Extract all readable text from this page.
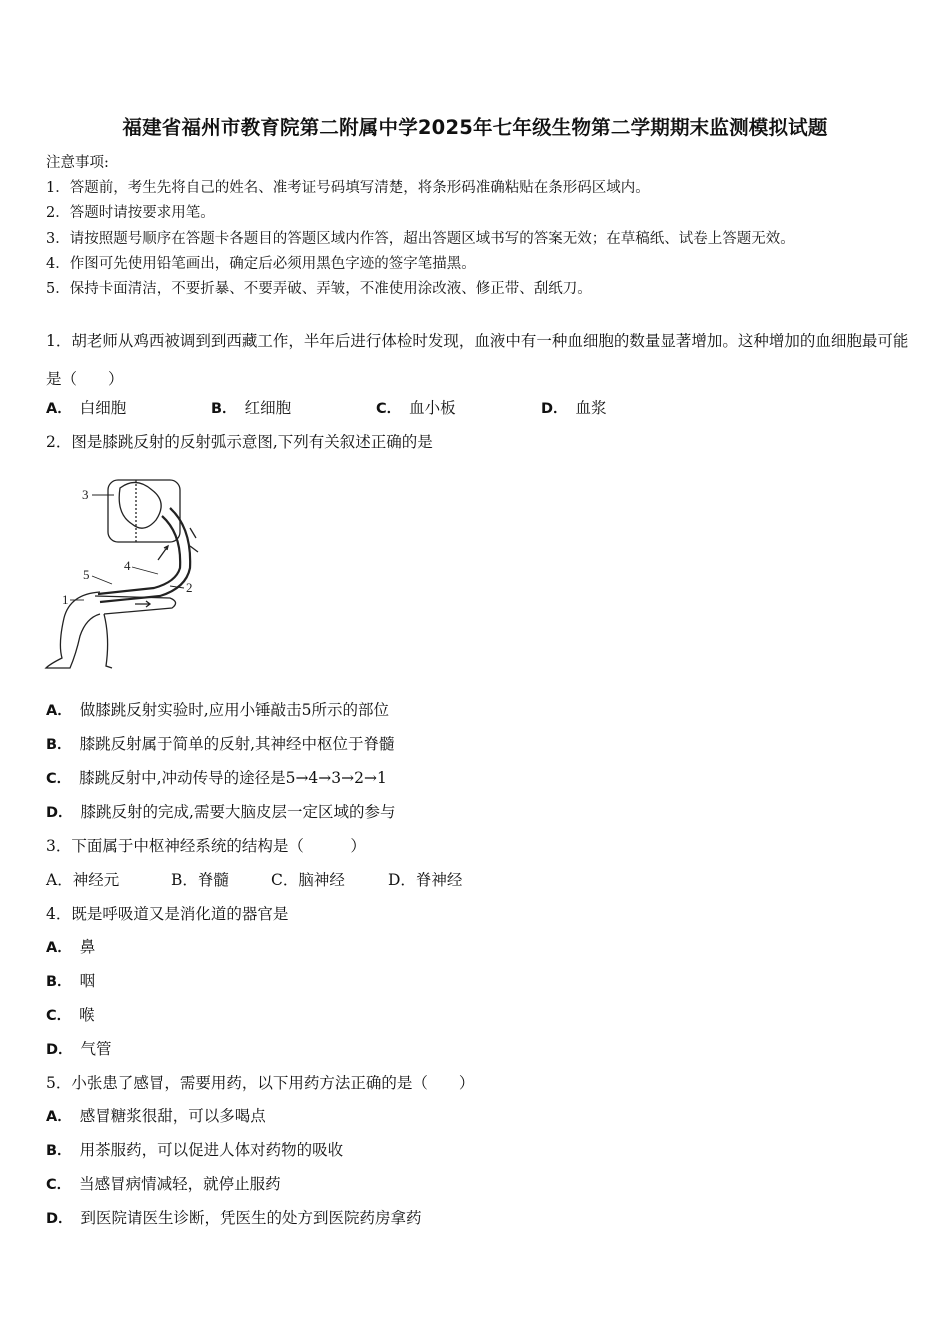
福建省福州市教育院第二附属中学2025年七年级生物第二学期期末监测模拟试题
注意事项:
1．答题前，考生先将自己的姓名、准考证号码填写清楚，将条形码准确粘贴在条形码区域内。
2．答题时请按要求用笔。
3．请按照题号顺序在答题卡各题目的答题区域内作答，超出答题区域书写的答案无效；在草稿纸、试卷上答题无效。
4．作图可先使用铅笔画出，确定后必须用黑色字迹的签字笔描黑。
5．保持卡面清洁，不要折暴、不要弄破、弄皱，不准使用涂改液、修正带、刮纸刀。
1．胡老师从鸡西被调到到西藏工作，半年后进行体检时发现，血液中有一种血细胞的数量显著增加。这种增加的血细胞最可能是（　　）
A． 白细胞	B． 红细胞	C． 血小板	D． 血浆
2．图是膝跳反射的反射弧示意图,下列有关叙述正确的是
3
4
5
1
2
A． 做膝跳反射实验时,应用小锤敲击5所示的部位
B． 膝跳反射属于简单的反射,其神经中枢位于脊髓
C． 膝跳反射中,冲动传导的途径是5→4→3→2→1
D． 膝跳反射的完成,需要大脑皮层一定区域的参与
3．下面属于中枢神经系统的结构是（　　　）
A．神经元	B．脊髓	C．脑神经	D．脊神经
4．既是呼吸道又是消化道的器官是
A． 鼻
B． 咽
C． 喉
D． 气管
5．小张患了感冒，需要用药，以下用药方法正确的是（　　）
A． 感冒糖浆很甜，可以多喝点
B． 用茶服药，可以促进人体对药物的吸收
C． 当感冒病情减轻，就停止服药
D． 到医院请医生诊断，凭医生的处方到医院药房拿药
